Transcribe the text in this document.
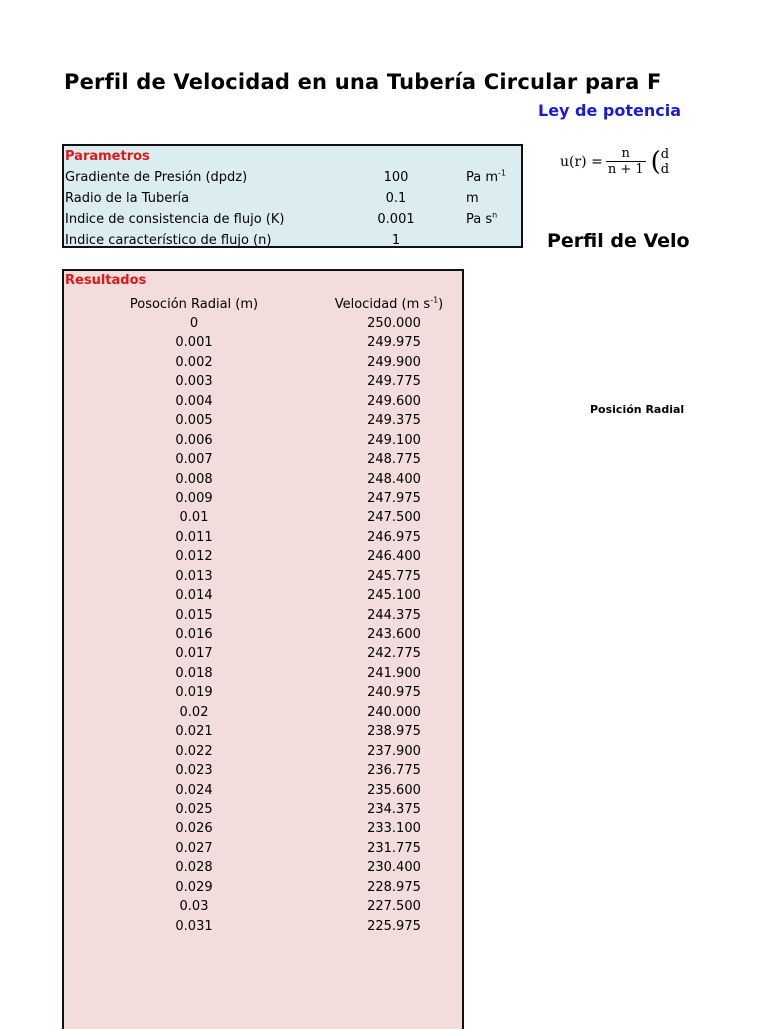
Perfil de Velocidad en una Tubería Circular para F
Ley de potencia
Parametros
Gradiente de Presión (dpdz)	100	Pa $m^{-1}$
Radio de la Tubería	0.1	m
Indice de consistencia de flujo (K)	0.001	Pa $s^n$
Indice característico de flujo (n)	1
$u(r) = \frac{n}{n + 1}$ ( d
d
Perfil de Velo
Posición Radial
Resultados
Posoción Radial (m)	Velocidad (m $s^{-1}$)
0	250.000
0.001	249.975
0.002	249.900
0.003	249.775
0.004	249.600
0.005	249.375
0.006	249.100
0.007	248.775
0.008	248.400
0.009	247.975
0.01	247.500
0.011	246.975
0.012	246.400
0.013	245.775
0.014	245.100
0.015	244.375
0.016	243.600
0.017	242.775
0.018	241.900
0.019	240.975
0.02	240.000
0.021	238.975
0.022	237.900
0.023	236.775
0.024	235.600
0.025	234.375
0.026	233.100
0.027	231.775
0.028	230.400
0.029	228.975
0.03	227.500
0.031	225.975
